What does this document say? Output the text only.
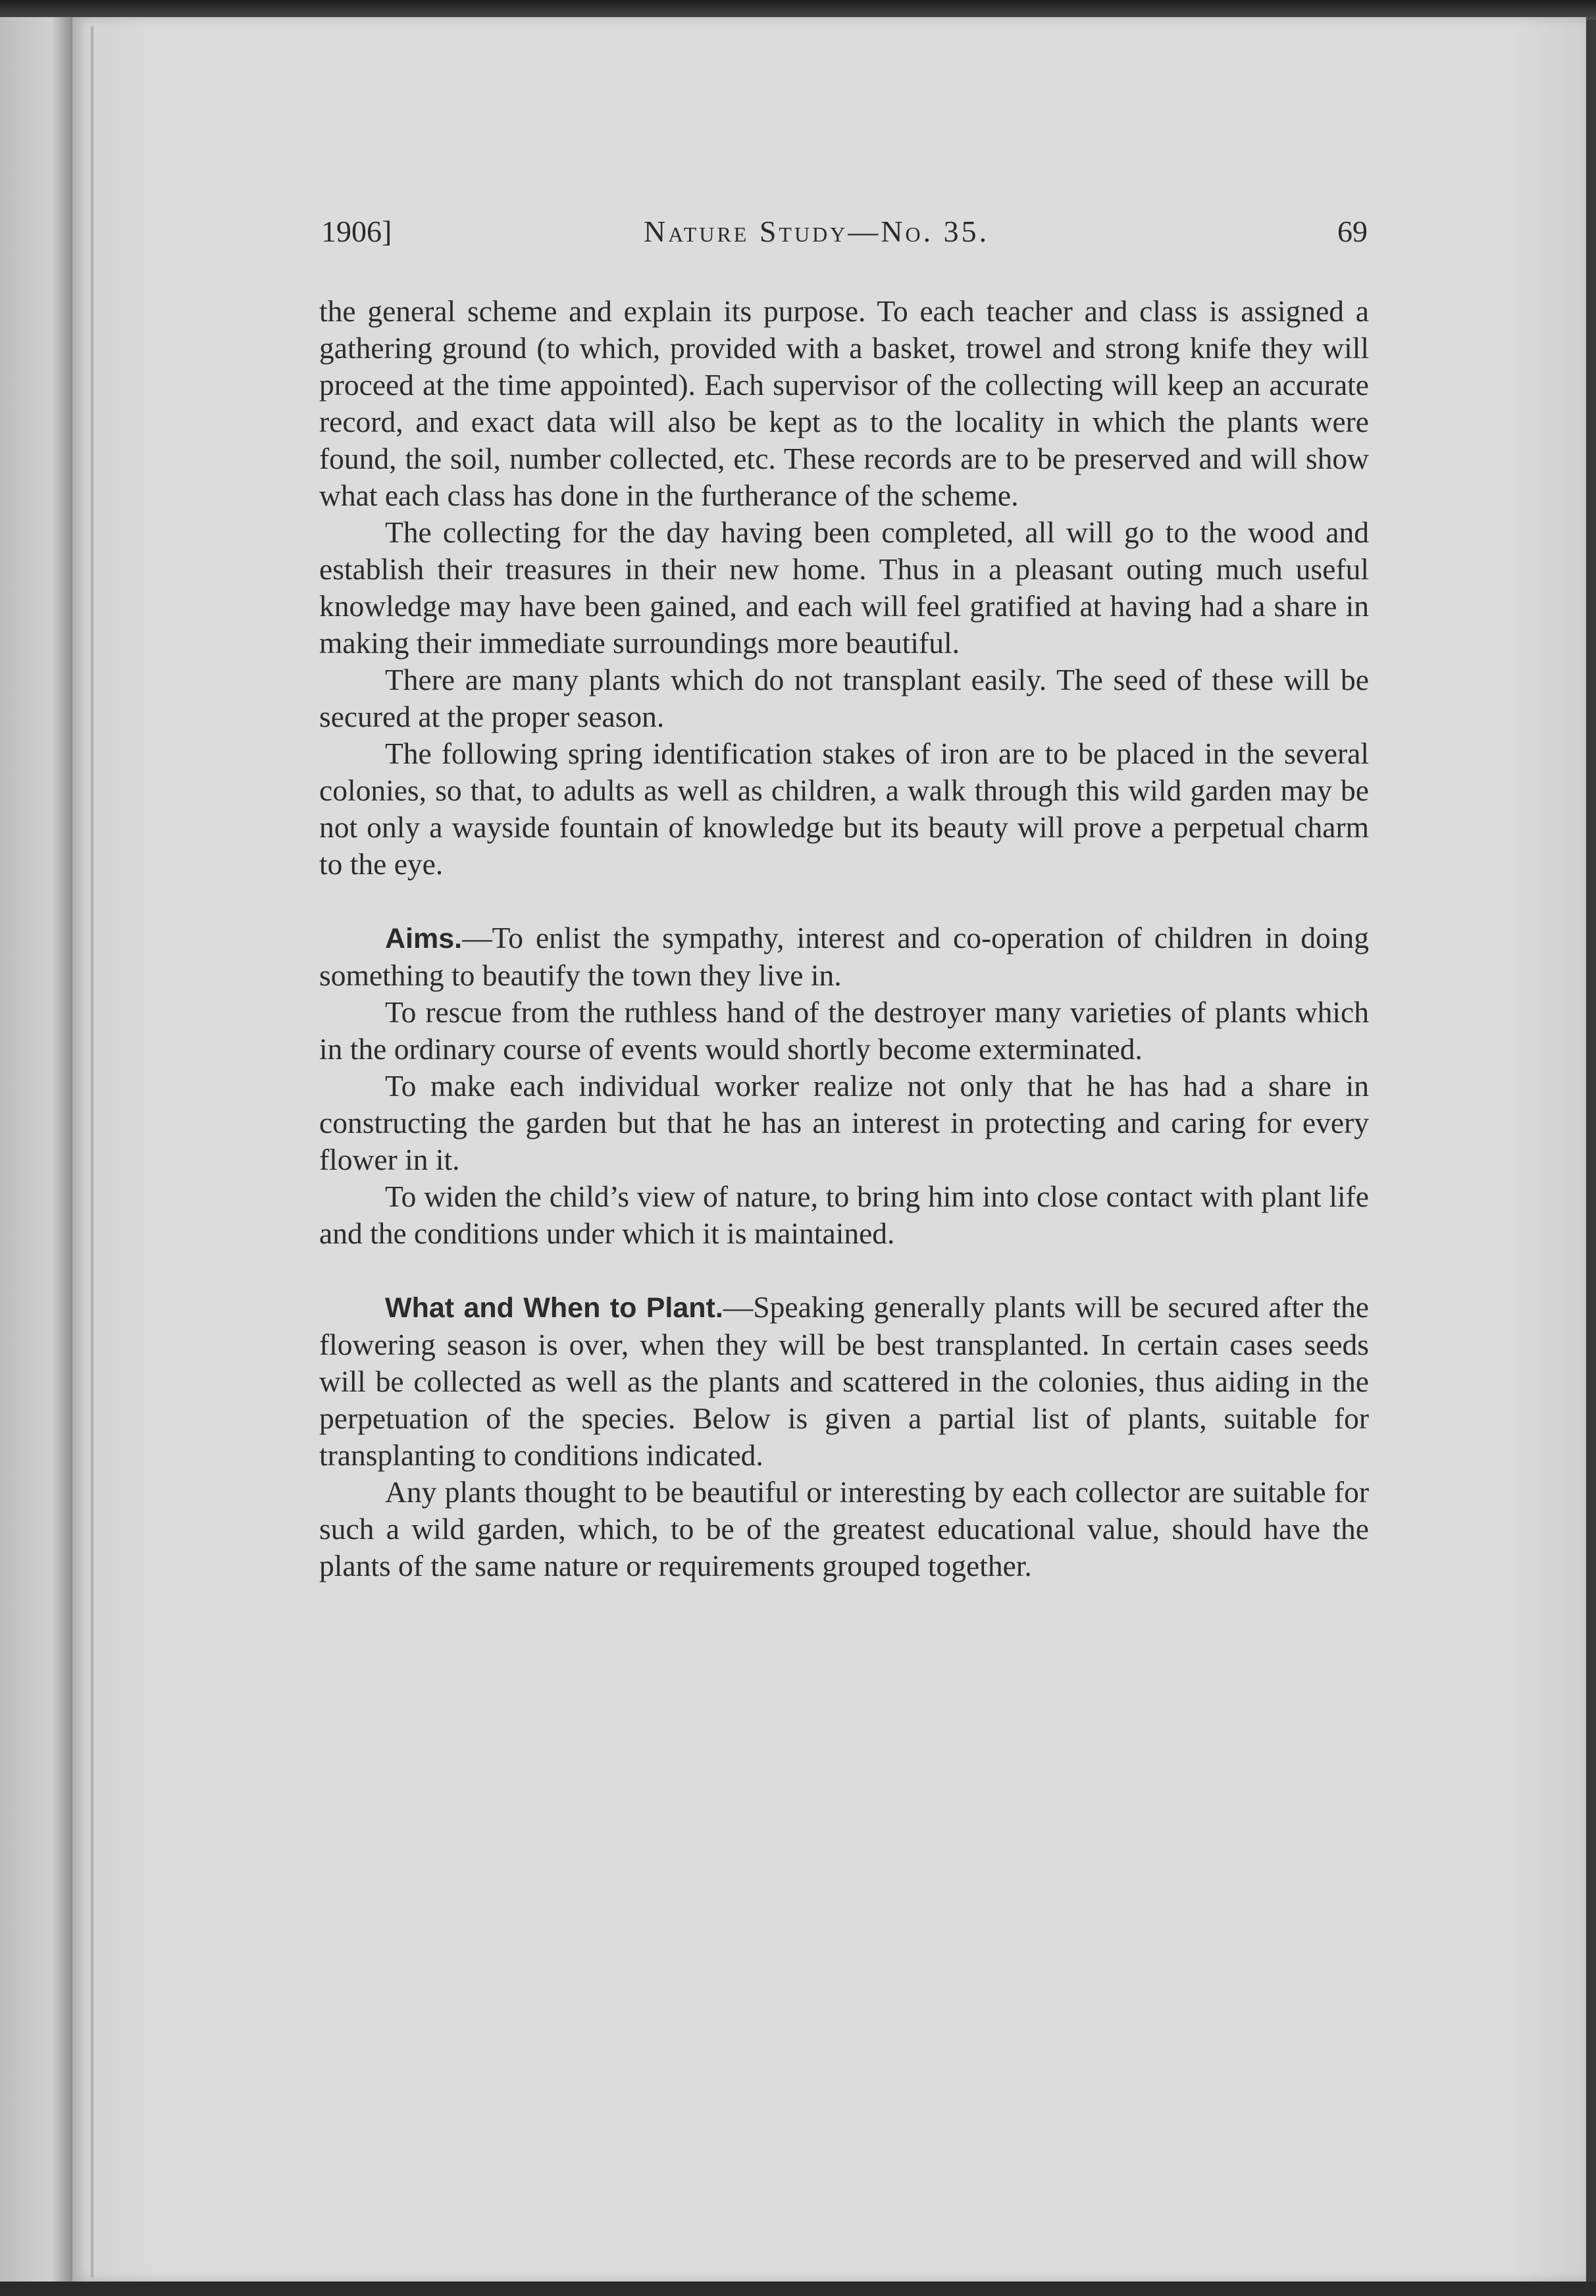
1906]	Nature Study—No. 35.	69

the general scheme and explain its purpose. To each teacher and class is assigned a gathering ground (to which, provided with a basket, trowel and strong knife they will proceed at the time appointed). Each supervisor of the collecting will keep an accurate record, and exact data will also be kept as to the locality in which the plants were found, the soil, number collected, etc. These records are to be preserved and will show what each class has done in the furtherance of the scheme.

The collecting for the day having been completed, all will go to the wood and establish their treasures in their new home. Thus in a pleasant outing much useful knowledge may have been gained, and each will feel gratified at having had a share in making their immediate surroundings more beautiful.

There are many plants which do not transplant easily. The seed of these will be secured at the proper season.

The following spring identification stakes of iron are to be placed in the several colonies, so that, to adults as well as children, a walk through this wild garden may be not only a wayside fountain of knowledge but its beauty will prove a perpetual charm to the eye.

Aims.—To enlist the sympathy, interest and co-operation of children in doing something to beautify the town they live in.

To rescue from the ruthless hand of the destroyer many varieties of plants which in the ordinary course of events would shortly become exterminated.

To make each individual worker realize not only that he has had a share in constructing the garden but that he has an interest in protecting and caring for every flower in it.

To widen the child’s view of nature, to bring him into close contact with plant life and the conditions under which it is maintained.

What and When to Plant.—Speaking generally plants will be secured after the flowering season is over, when they will be best transplanted. In certain cases seeds will be collected as well as the plants and scattered in the colonies, thus aiding in the perpetuation of the species. Below is given a partial list of plants, suitable for transplanting to conditions indicated.

Any plants thought to be beautiful or interesting by each collector are suitable for such a wild garden, which, to be of the greatest educational value, should have the plants of the same nature or requirements grouped together.
